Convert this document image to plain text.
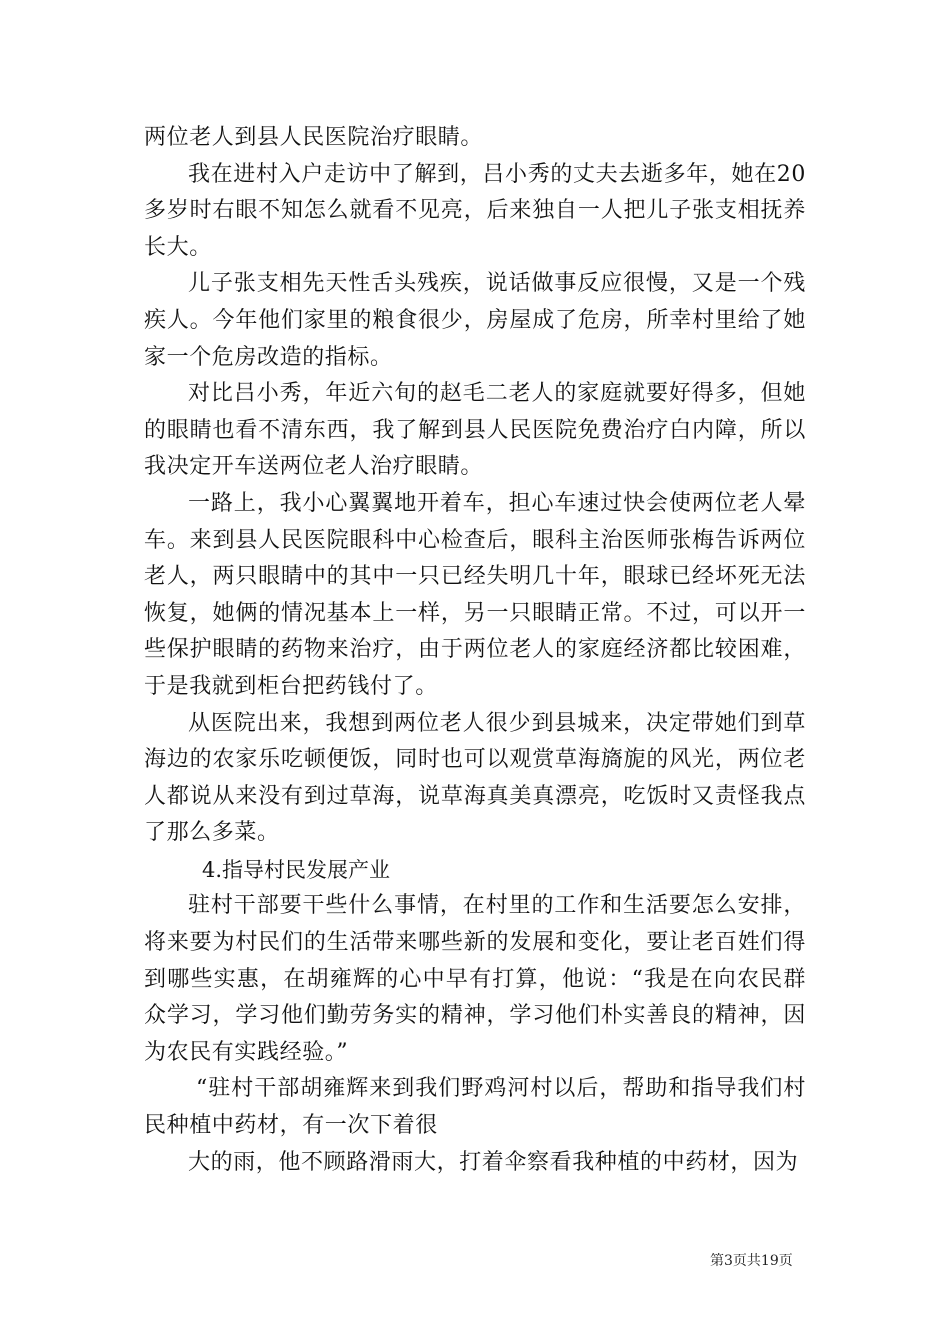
两位老人到县人民医院治疗眼睛。

我在进村入户走访中了解到，吕小秀的丈夫去逝多年，她在20多岁时右眼不知怎么就看不见亮，后来独自一人把儿子张支相抚养长大。

儿子张支相先天性舌头残疾，说话做事反应很慢，又是一个残疾人。今年他们家里的粮食很少，房屋成了危房，所幸村里给了她家一个危房改造的指标。

对比吕小秀，年近六旬的赵毛二老人的家庭就要好得多，但她的眼睛也看不清东西，我了解到县人民医院免费治疗白内障，所以我决定开车送两位老人治疗眼睛。

一路上，我小心翼翼地开着车，担心车速过快会使两位老人晕车。来到县人民医院眼科中心检查后，眼科主治医师张梅告诉两位老人，两只眼睛中的其中一只已经失明几十年，眼球已经坏死无法恢复，她俩的情况基本上一样，另一只眼睛正常。不过，可以开一些保护眼睛的药物来治疗，由于两位老人的家庭经济都比较困难，于是我就到柜台把药钱付了。

从医院出来，我想到两位老人很少到县城来，决定带她们到草海边的农家乐吃顿便饭，同时也可以观赏草海旖旎的风光，两位老人都说从来没有到过草海，说草海真美真漂亮，吃饭时又责怪我点了那么多菜。

4.指导村民发展产业

驻村干部要干些什么事情，在村里的工作和生活要怎么安排，将来要为村民们的生活带来哪些新的发展和变化，要让老百姓们得到哪些实惠，在胡雍辉的心中早有打算，他说：“我是在向农民群众学习，学习他们勤劳务实的精神，学习他们朴实善良的精神，因为农民有实践经验。”

“驻村干部胡雍辉来到我们野鸡河村以后，帮助和指导我们村民种植中药材，有一次下着很

大的雨，他不顾路滑雨大，打着伞察看我种植的中药材，因为

第3页共19页
